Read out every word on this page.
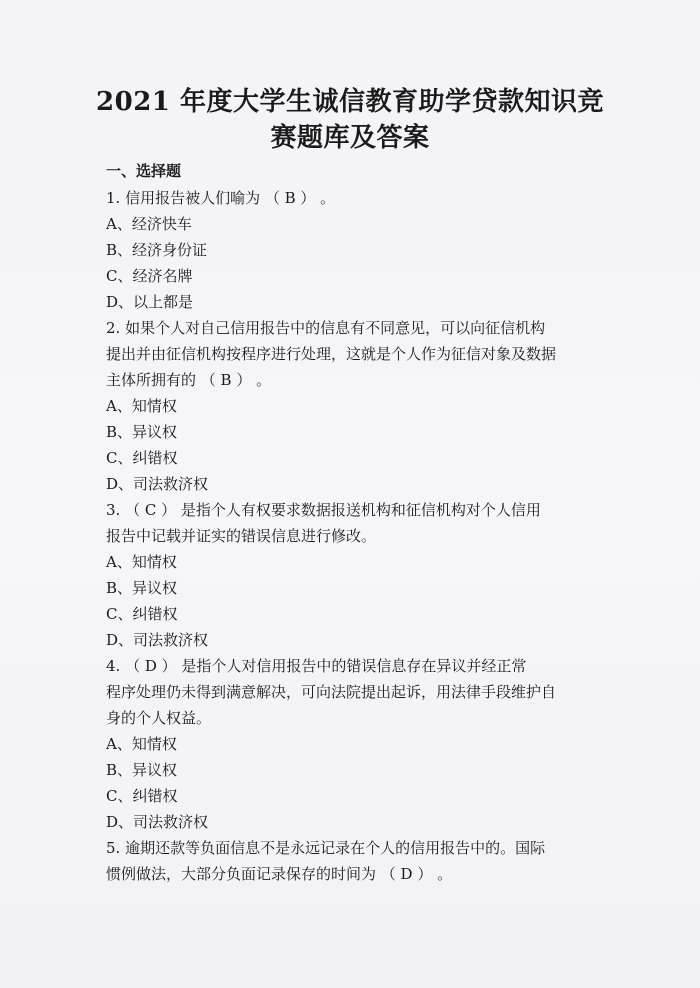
2021 年度大学生诚信教育助学贷款知识竞
赛题库及答案
一、选择题
1. 信用报告被人们喻为 （ B ） 。
A、经济快车
B、经济身份证
C、经济名牌
D、以上都是
2. 如果个人对自己信用报告中的信息有不同意见，可以向征信机构
提出并由征信机构按程序进行处理，这就是个人作为征信对象及数据
主体所拥有的 （ B ） 。
A、知情权
B、异议权
C、纠错权
D、司法救济权
3. （ C ） 是指个人有权要求数据报送机构和征信机构对个人信用
报告中记载并证实的错误信息进行修改。
A、知情权
B、异议权
C、纠错权
D、司法救济权
4. （ D ） 是指个人对信用报告中的错误信息存在异议并经正常
程序处理仍未得到满意解决，可向法院提出起诉，用法律手段维护自
身的个人权益。
A、知情权
B、异议权
C、纠错权
D、司法救济权
5. 逾期还款等负面信息不是永远记录在个人的信用报告中的。国际
惯例做法，大部分负面记录保存的时间为 （ D ） 。
